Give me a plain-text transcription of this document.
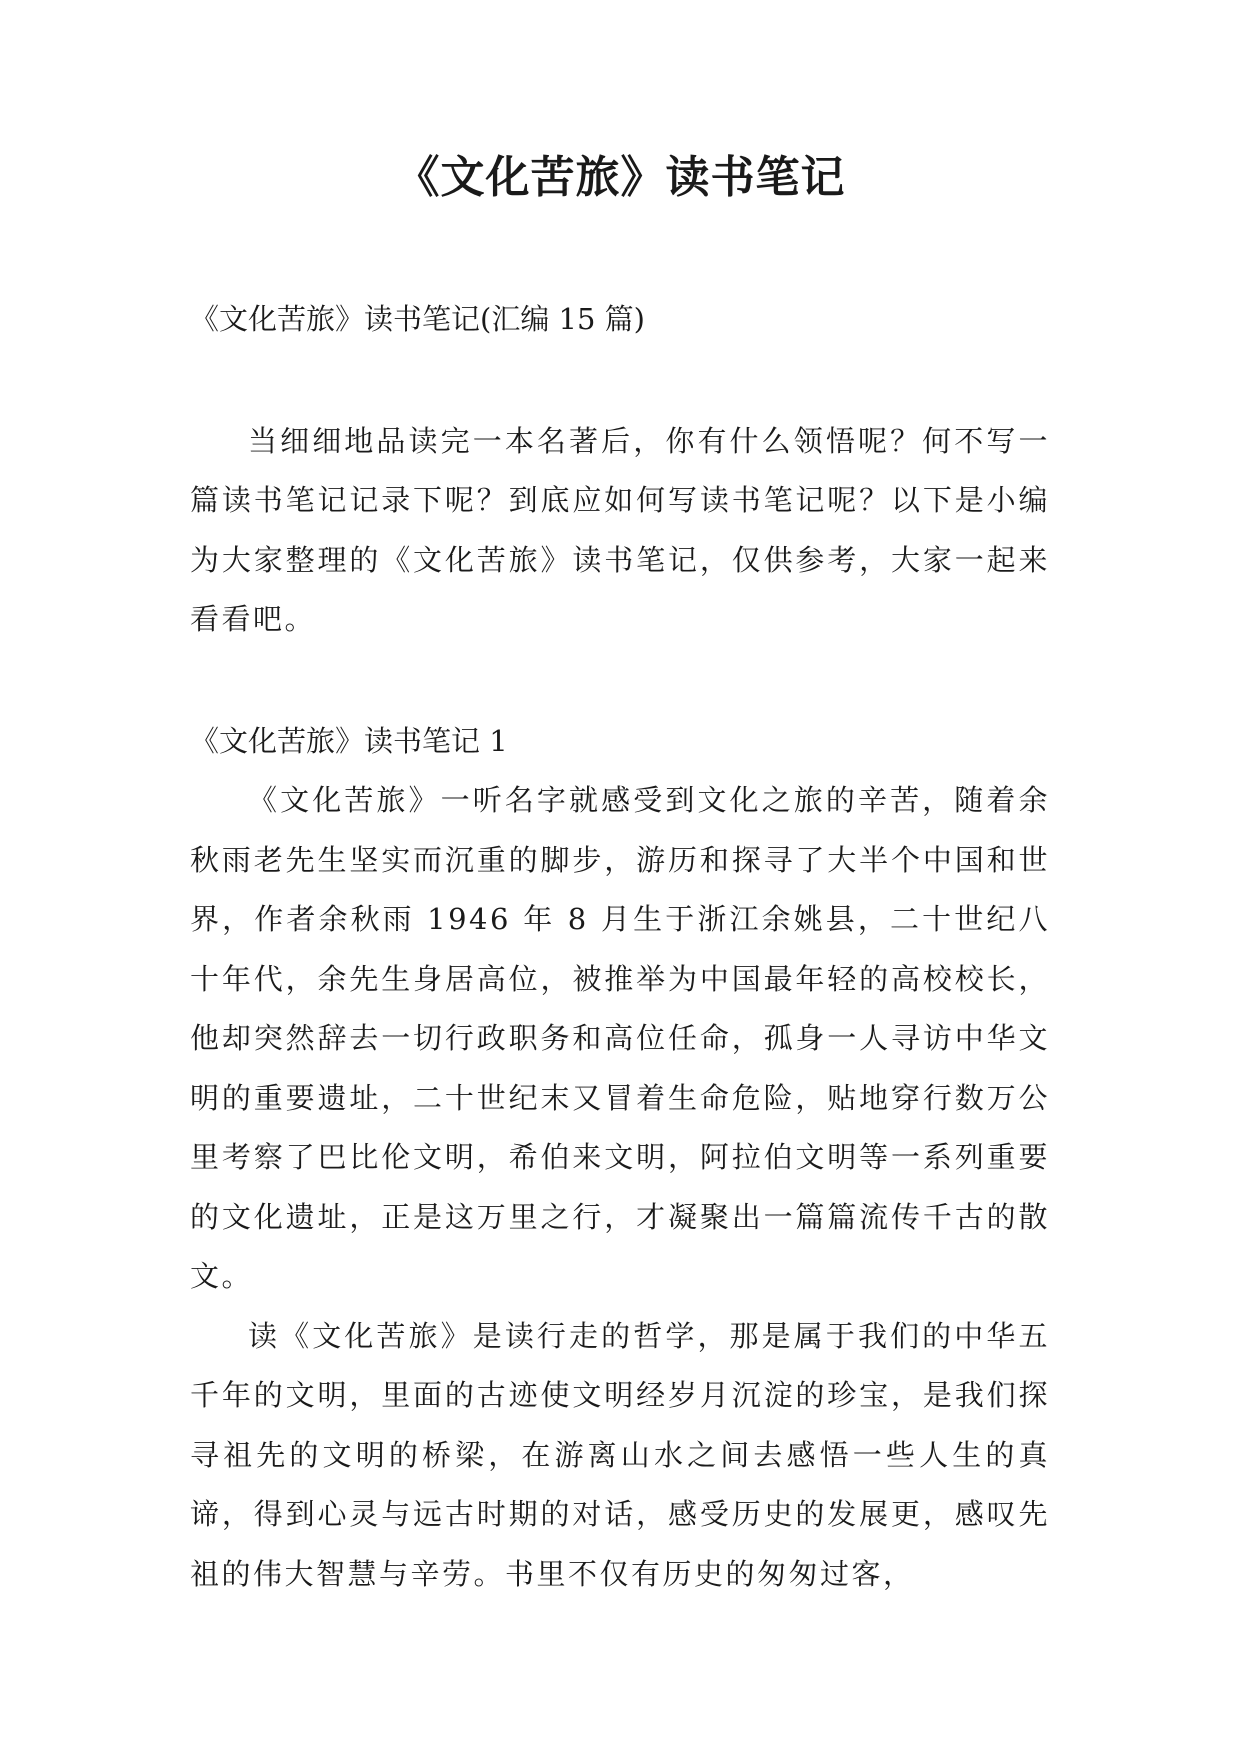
《文化苦旅》读书笔记

《文化苦旅》读书笔记(汇编 15 篇)

当细细地品读完一本名著后，你有什么领悟呢？何不写一篇读书笔记记录下呢？到底应如何写读书笔记呢？以下是小编为大家整理的《文化苦旅》读书笔记，仅供参考，大家一起来看看吧。

《文化苦旅》读书笔记 1

《文化苦旅》一听名字就感受到文化之旅的辛苦，随着余秋雨老先生坚实而沉重的脚步，游历和探寻了大半个中国和世界，作者余秋雨 1946 年 8 月生于浙江余姚县，二十世纪八十年代，余先生身居高位，被推举为中国最年轻的高校校长，他却突然辞去一切行政职务和高位任命，孤身一人寻访中华文明的重要遗址，二十世纪末又冒着生命危险，贴地穿行数万公里考察了巴比伦文明，希伯来文明，阿拉伯文明等一系列重要的文化遗址，正是这万里之行，才凝聚出一篇篇流传千古的散文。

读《文化苦旅》是读行走的哲学，那是属于我们的中华五千年的文明，里面的古迹使文明经岁月沉淀的珍宝，是我们探寻祖先的文明的桥梁，在游离山水之间去感悟一些人生的真谛，得到心灵与远古时期的对话，感受历史的发展更，感叹先祖的伟大智慧与辛劳。书里不仅有历史的匆匆过客，
